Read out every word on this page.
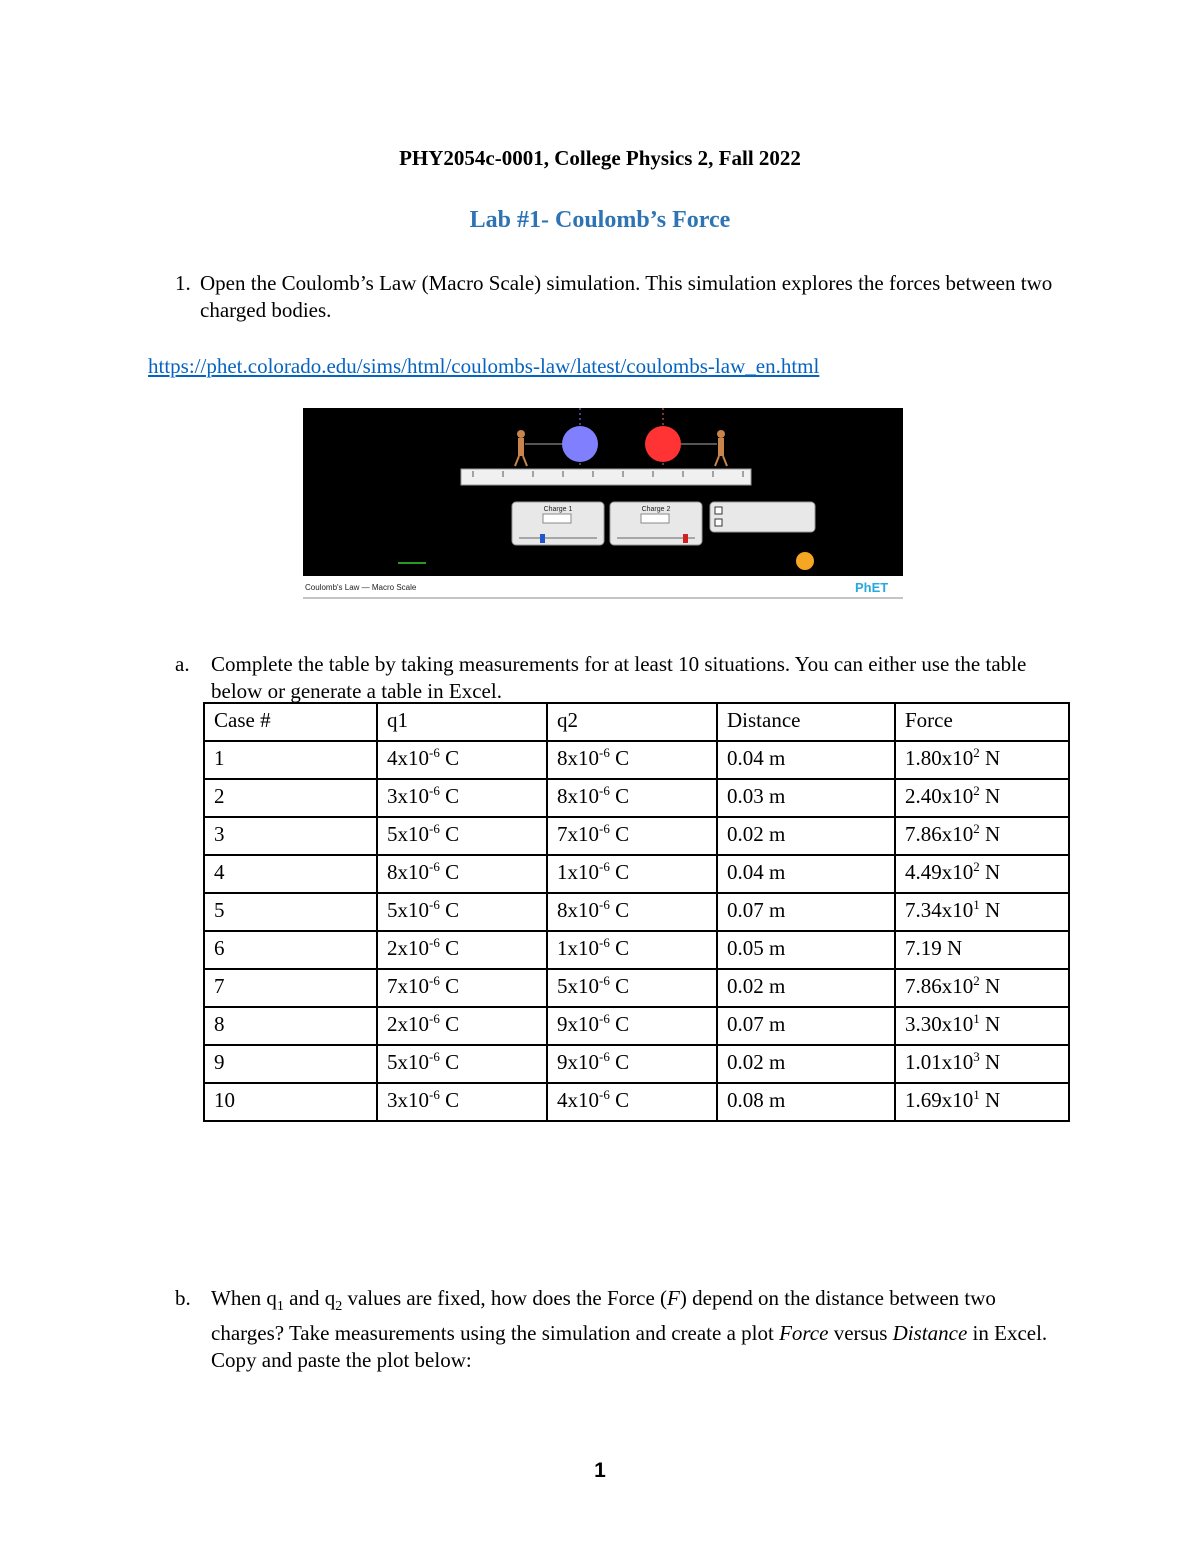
PHY2054c-0001, College Physics 2, Fall 2022
Lab #1- Coulomb’s Force
1. Open the Coulomb’s Law (Macro Scale) simulation. This simulation explores the forces between two charged bodies.
https://phet.colorado.edu/sims/html/coulombs-law/latest/coulombs-law_en.html
Charge 1	Charge 2
Coulomb's Law — Macro Scale	PhET
a. Complete the table by taking measurements for at least 10 situations. You can either use the table below or generate a table in Excel.
Case #	q1	q2	Distance	Force
1	$4x10^{-6}$ C	$8x10^{-6}$ C	0.04 m	$1.80x10^2$ N
2	$3x10^{-6}$ C	$8x10^{-6}$ C	0.03 m	$2.40x10^2$ N
3	$5x10^{-6}$ C	$7x10^{-6}$ C	0.02 m	$7.86x10^2$ N
4	$8x10^{-6}$ C	$1x10^{-6}$ C	0.04 m	$4.49x10^2$ N
5	$5x10^{-6}$ C	$8x10^{-6}$ C	0.07 m	$7.34x10^1$ N
6	$2x10^{-6}$ C	$1x10^{-6}$ C	0.05 m	7.19 N
7	$7x10^{-6}$ C	$5x10^{-6}$ C	0.02 m	$7.86x10^2$ N
8	$2x10^{-6}$ C	$9x10^{-6}$ C	0.07 m	$3.30x10^1$ N
9	$5x10^{-6}$ C	$9x10^{-6}$ C	0.02 m	$1.01x10^3$ N
10	$3x10^{-6}$ C	$4x10^{-6}$ C	0.08 m	$1.69x10^1$ N
b. When $q_1$ and $q_2$ values are fixed, how does the Force (F) depend on the distance between two charges? Take measurements using the simulation and create a plot Force versus Distance in Excel. Copy and paste the plot below:
1
